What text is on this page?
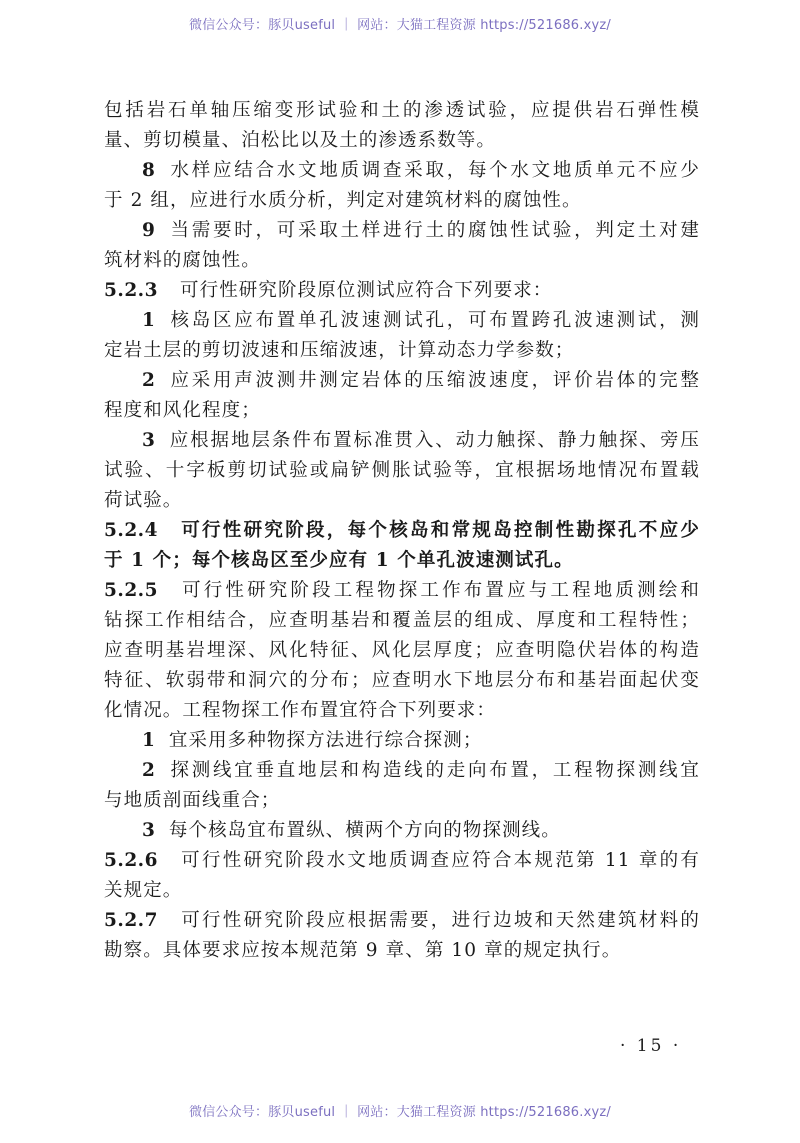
微信公众号：豚贝useful ｜ 网站：大猫工程资源 https://521686.xyz/
包括岩石单轴压缩变形试验和土的渗透试验，应提供岩石弹性模
量、剪切模量、泊松比以及土的渗透系数等。
8 水样应结合水文地质调查采取，每个水文地质单元不应少
于 2 组，应进行水质分析，判定对建筑材料的腐蚀性。
9 当需要时，可采取土样进行土的腐蚀性试验，判定土对建
筑材料的腐蚀性。
5.2.3 可行性研究阶段原位测试应符合下列要求：
1 核岛区应布置单孔波速测试孔，可布置跨孔波速测试，测
定岩土层的剪切波速和压缩波速，计算动态力学参数；
2 应采用声波测井测定岩体的压缩波速度，评价岩体的完整
程度和风化程度；
3 应根据地层条件布置标准贯入、动力触探、静力触探、旁压
试验、十字板剪切试验或扁铲侧胀试验等，宜根据场地情况布置载
荷试验。
5.2.4 可行性研究阶段，每个核岛和常规岛控制性勘探孔不应少
于 1 个；每个核岛区至少应有 1 个单孔波速测试孔。
5.2.5 可行性研究阶段工程物探工作布置应与工程地质测绘和
钻探工作相结合，应查明基岩和覆盖层的组成、厚度和工程特性；
应查明基岩埋深、风化特征、风化层厚度；应查明隐伏岩体的构造
特征、软弱带和洞穴的分布；应查明水下地层分布和基岩面起伏变
化情况。工程物探工作布置宜符合下列要求：
1 宜采用多种物探方法进行综合探测；
2 探测线宜垂直地层和构造线的走向布置，工程物探测线宜
与地质剖面线重合；
3 每个核岛宜布置纵、横两个方向的物探测线。
5.2.6 可行性研究阶段水文地质调查应符合本规范第 11 章的有
关规定。
5.2.7 可行性研究阶段应根据需要，进行边坡和天然建筑材料的
勘察。具体要求应按本规范第 9 章、第 10 章的规定执行。
· 15 ·
微信公众号：豚贝useful ｜ 网站：大猫工程资源 https://521686.xyz/
